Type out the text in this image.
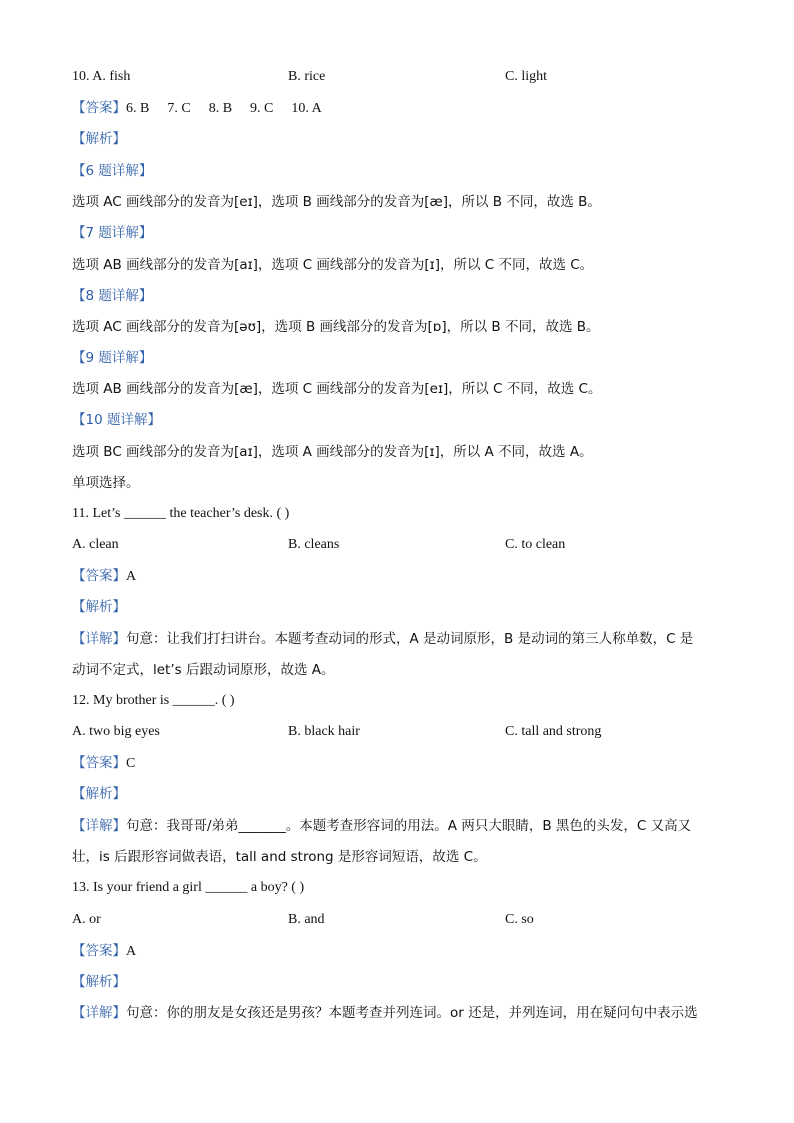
10. A. fish	B. rice	C. light
【答案】6. B 7. C 8. B 9. C 10. A
【解析】
【6 题详解】
选项 AC 画线部分的发音为[eɪ]，选项 B 画线部分的发音为[æ]，所以 B 不同，故选 B。
【7 题详解】
选项 AB 画线部分的发音为[aɪ]，选项 C 画线部分的发音为[ɪ]，所以 C 不同，故选 C。
【8 题详解】
选项 AC 画线部分的发音为[əʊ]，选项 B 画线部分的发音为[ɒ]，所以 B 不同，故选 B。
【9 题详解】
选项 AB 画线部分的发音为[æ]，选项 C 画线部分的发音为[eɪ]，所以 C 不同，故选 C。
【10 题详解】
选项 BC 画线部分的发音为[aɪ]，选项 A 画线部分的发音为[ɪ]，所以 A 不同，故选 A。
单项选择。
11. Let’s ______ the teacher’s desk. ( )
A. clean	B. cleans	C. to clean
【答案】A
【解析】
【详解】句意：让我们打扫讲台。本题考查动词的形式，A 是动词原形，B 是动词的第三人称单数，C 是
动词不定式，let’s 后跟动词原形，故选 A。
12. My brother is ______. ( )
A. two big eyes	B. black hair	C. tall and strong
【答案】C
【解析】
【详解】句意：我哥哥/弟弟_______。本题考查形容词的用法。A 两只大眼睛，B 黑色的头发，C 又高又
壮，is 后跟形容词做表语，tall and strong 是形容词短语，故选 C。
13. Is your friend a girl ______ a boy? ( )
A. or	B. and	C. so
【答案】A
【解析】
【详解】句意：你的朋友是女孩还是男孩？本题考查并列连词。or 还是，并列连词，用在疑问句中表示选
